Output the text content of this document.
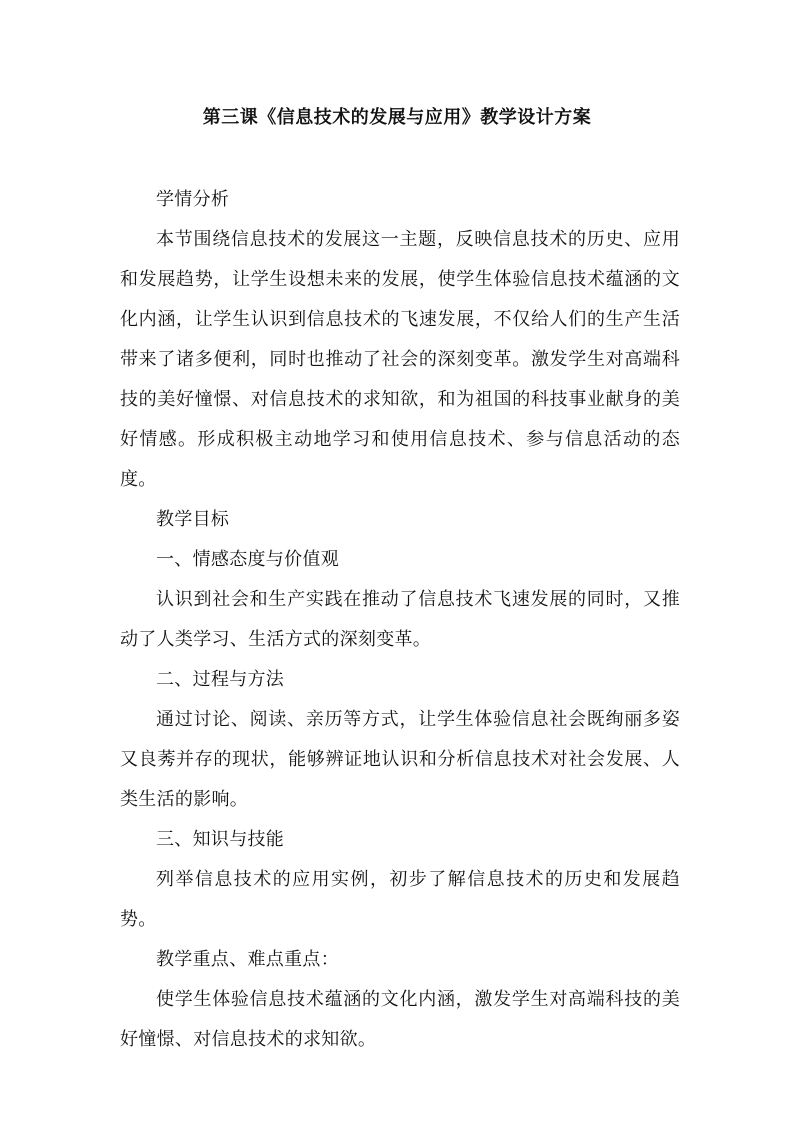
第三课《信息技术的发展与应用》教学设计方案

学情分析

本节围绕信息技术的发展这一主题，反映信息技术的历史、应用和发展趋势，让学生设想未来的发展，使学生体验信息技术蕴涵的文化内涵，让学生认识到信息技术的飞速发展，不仅给人们的生产生活带来了诸多便利，同时也推动了社会的深刻变革。激发学生对高端科技的美好憧憬、对信息技术的求知欲，和为祖国的科技事业献身的美好情感。形成积极主动地学习和使用信息技术、参与信息活动的态度。

教学目标

一、情感态度与价值观

认识到社会和生产实践在推动了信息技术飞速发展的同时，又推动了人类学习、生活方式的深刻变革。

二、过程与方法

通过讨论、阅读、亲历等方式，让学生体验信息社会既绚丽多姿又良莠并存的现状，能够辨证地认识和分析信息技术对社会发展、人类生活的影响。

三、知识与技能

列举信息技术的应用实例，初步了解信息技术的历史和发展趋势。

教学重点、难点重点：

使学生体验信息技术蕴涵的文化内涵，激发学生对高端科技的美好憧憬、对信息技术的求知欲。
